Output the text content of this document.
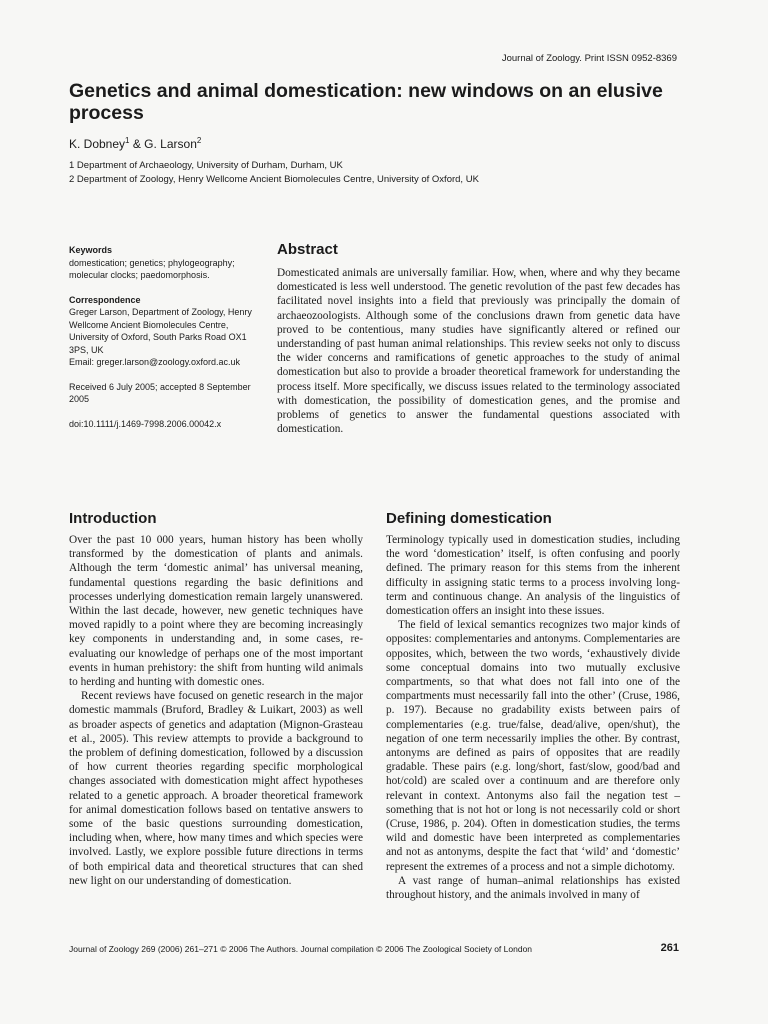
Journal of Zoology. Print ISSN 0952-8369
Genetics and animal domestication: new windows on an elusive process
K. Dobney$^1$ & G. Larson$^2$
1 Department of Archaeology, University of Durham, Durham, UK
2 Department of Zoology, Henry Wellcome Ancient Biomolecules Centre, University of Oxford, UK
Keywords
domestication; genetics; phylogeography; molecular clocks; paedomorphosis.
Correspondence
Greger Larson, Department of Zoology, Henry Wellcome Ancient Biomolecules Centre, University of Oxford, South Parks Road OX1 3PS, UK
Email: greger.larson@zoology.oxford.ac.uk
Received 6 July 2005; accepted 8 September 2005
doi:10.1111/j.1469-7998.2006.00042.x
Abstract

Domesticated animals are universally familiar. How, when, where and why they became domesticated is less well understood. The genetic revolution of the past few decades has facilitated novel insights into a field that previously was principally the domain of archaeozoologists. Although some of the conclusions drawn from genetic data have proved to be contentious, many studies have significantly altered or refined our understanding of past human animal relationships. This review seeks not only to discuss the wider concerns and ramifications of genetic approaches to the study of animal domestication but also to provide a broader theoretical framework for understanding the process itself. More specifically, we discuss issues related to the terminology associated with domestication, the possibility of domestication genes, and the promise and problems of genetics to answer the fundamental questions associated with domestication.

Introduction

Over the past 10 000 years, human history has been wholly transformed by the domestication of plants and animals. Although the term ‘domestic animal’ has universal meaning, fundamental questions regarding the basic definitions and processes underlying domestication remain largely unanswered. Within the last decade, however, new genetic techniques have moved rapidly to a point where they are becoming increasingly key components in understanding and, in some cases, re-evaluating our knowledge of perhaps one of the most important events in human prehistory: the shift from hunting wild animals to herding and hunting with domestic ones.

Recent reviews have focused on genetic research in the major domestic mammals (Bruford, Bradley & Luikart, 2003) as well as broader aspects of genetics and adaptation (Mignon-Grasteau et al., 2005). This review attempts to provide a background to the problem of defining domestication, followed by a discussion of how current theories regarding specific morphological changes associated with domestication might affect hypotheses related to a genetic approach. A broader theoretical framework for animal domestication follows based on tentative answers to some of the basic questions surrounding domestication, including when, where, how many times and which species were involved. Lastly, we explore possible future directions in terms of both empirical data and theoretical structures that can shed new light on our understanding of domestication.

Defining domestication

Terminology typically used in domestication studies, including the word ‘domestication’ itself, is often confusing and poorly defined. The primary reason for this stems from the inherent difficulty in assigning static terms to a process involving long-term and continuous change. An analysis of the linguistics of domestication offers an insight into these issues.

The field of lexical semantics recognizes two major kinds of opposites: complementaries and antonyms. Complementaries are opposites, which, between the two words, ‘exhaustively divide some conceptual domains into two mutually exclusive compartments, so that what does not fall into one of the compartments must necessarily fall into the other’ (Cruse, 1986, p. 197). Because no gradability exists between pairs of complementaries (e.g. true/false, dead/alive, open/shut), the negation of one term necessarily implies the other. By contrast, antonyms are defined as pairs of opposites that are readily gradable. These pairs (e.g. long/short, fast/slow, good/bad and hot/cold) are scaled over a continuum and are therefore only relevant in context. Antonyms also fail the negation test – something that is not hot or long is not necessarily cold or short (Cruse, 1986, p. 204). Often in domestication studies, the terms wild and domestic have been interpreted as complementaries and not as antonyms, despite the fact that ‘wild’ and ‘domestic’ represent the extremes of a process and not a simple dichotomy.

A vast range of human–animal relationships has existed throughout history, and the animals involved in many of

Journal of Zoology 269 (2006) 261–271 © 2006 The Authors. Journal compilation © 2006 The Zoological Society of London	261
